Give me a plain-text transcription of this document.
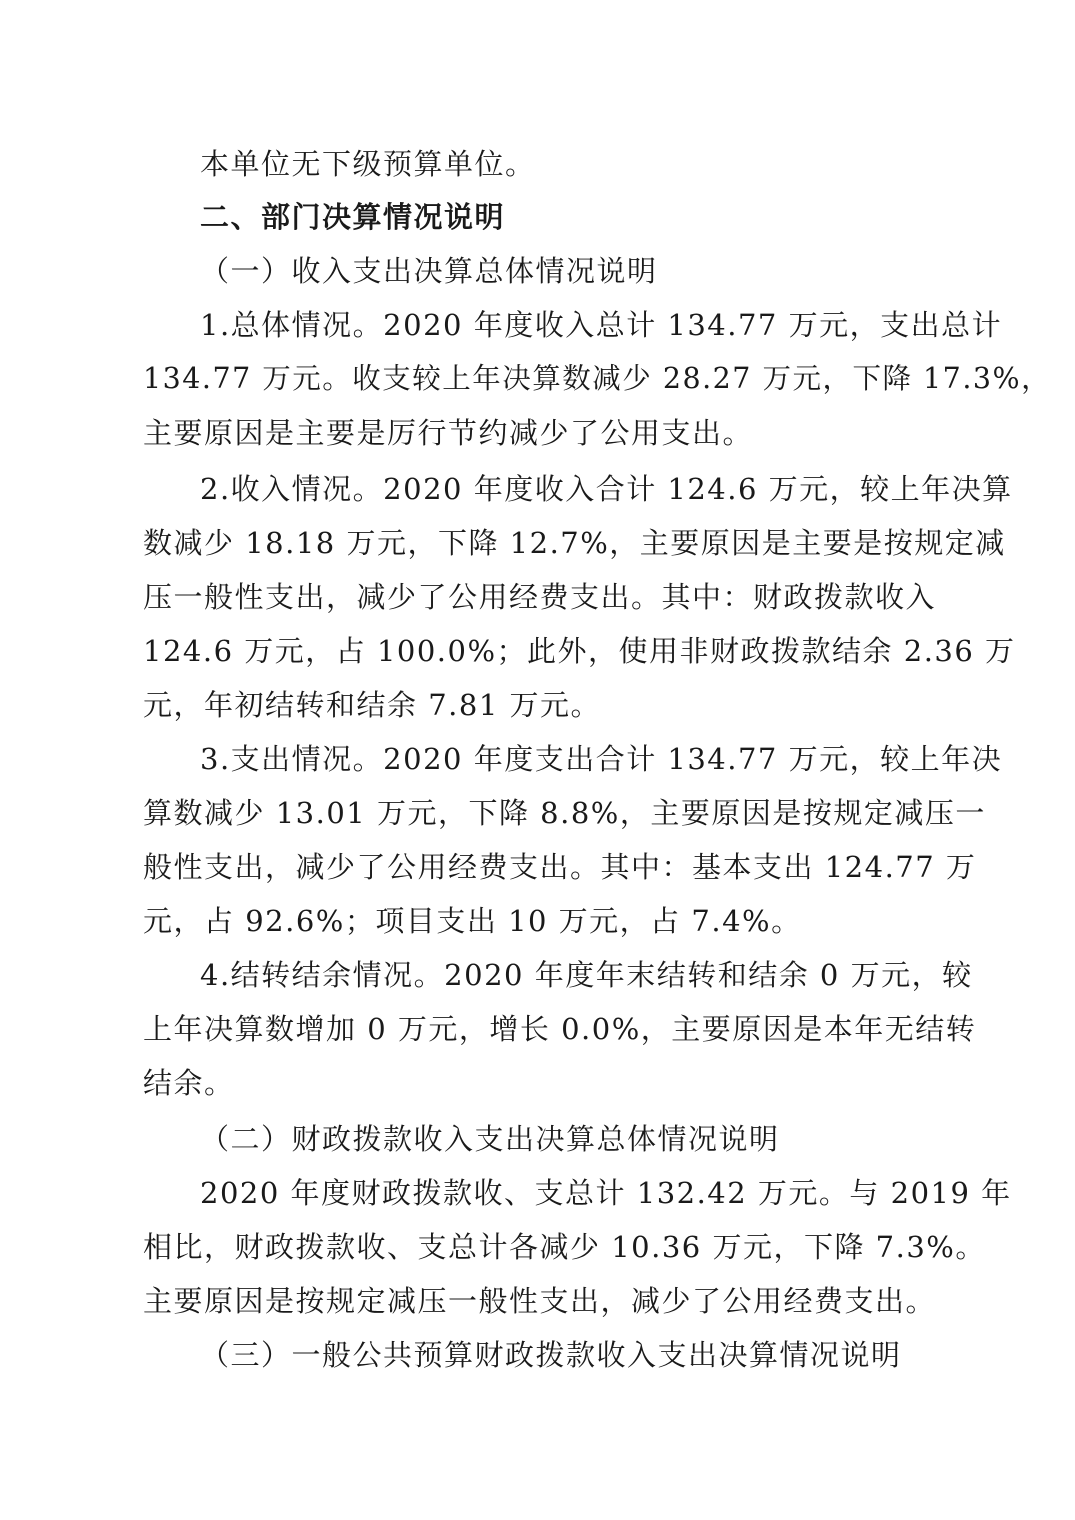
本单位无下级预算单位。
二、部门决算情况说明
（一）收入支出决算总体情况说明
1.总体情况。2020 年度收入总计 134.77 万元，支出总计
134.77 万元。收支较上年决算数减少 28.27 万元，下降 17.3%，
主要原因是主要是厉行节约减少了公用支出。
2.收入情况。2020 年度收入合计 124.6 万元，较上年决算
数减少 18.18 万元，下降 12.7%，主要原因是主要是按规定减
压一般性支出，减少了公用经费支出。其中：财政拨款收入
124.6 万元，占 100.0%；此外，使用非财政拨款结余 2.36 万
元，年初结转和结余 7.81 万元。
3.支出情况。2020 年度支出合计 134.77 万元，较上年决
算数减少 13.01 万元，下降 8.8%，主要原因是按规定减压一
般性支出，减少了公用经费支出。其中：基本支出 124.77 万
元，占 92.6%；项目支出 10 万元，占 7.4%。
4.结转结余情况。2020 年度年末结转和结余 0 万元，较
上年决算数增加 0 万元，增长 0.0%，主要原因是本年无结转
结余。
（二）财政拨款收入支出决算总体情况说明
2020 年度财政拨款收、支总计 132.42 万元。与 2019 年
相比，财政拨款收、支总计各减少 10.36 万元，下降 7.3%。
主要原因是按规定减压一般性支出，减少了公用经费支出。
（三）一般公共预算财政拨款收入支出决算情况说明
